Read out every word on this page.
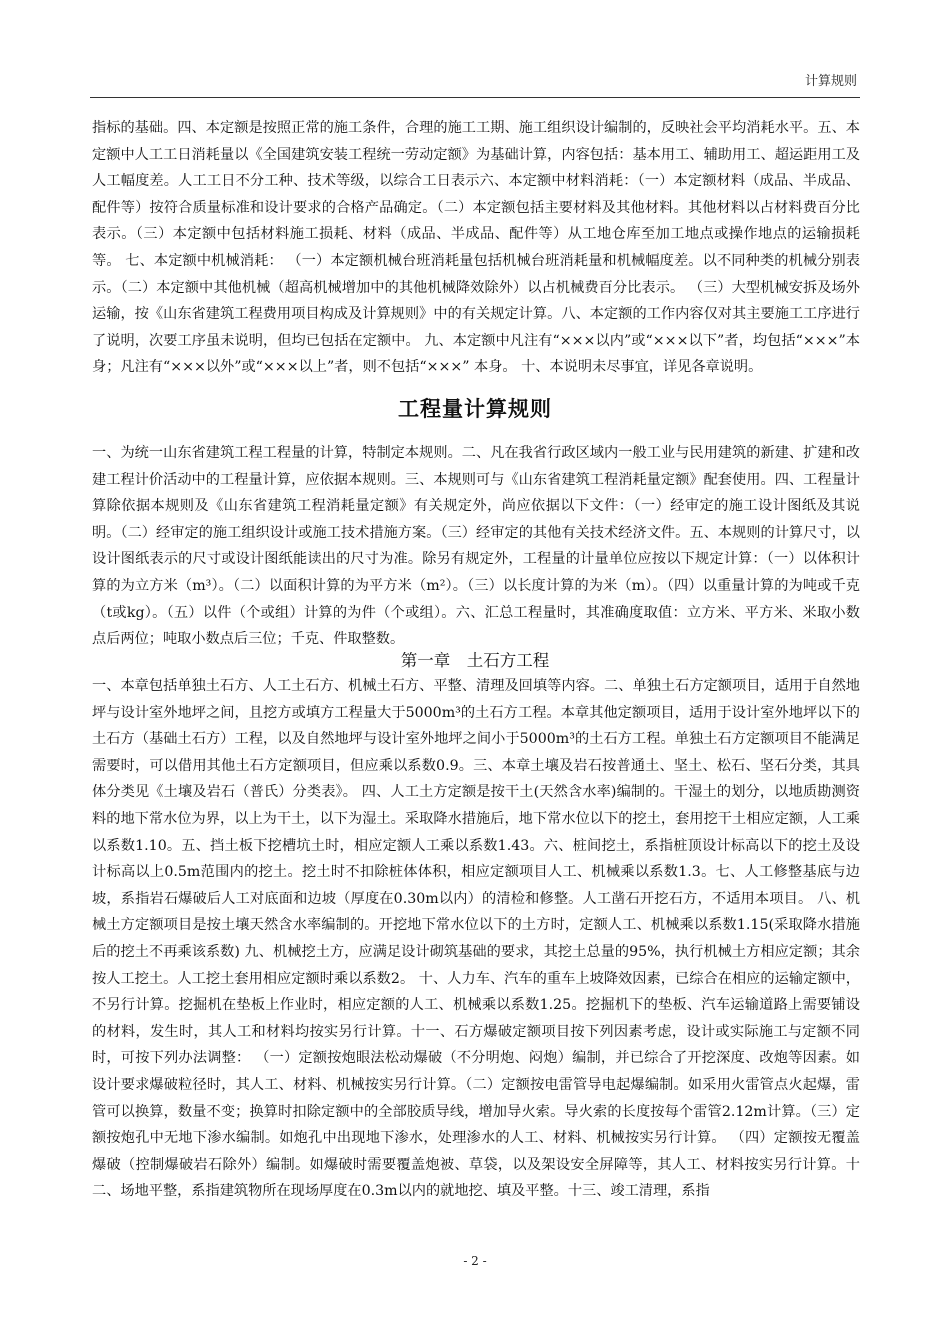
计算规则

指标的基础。四、本定额是按照正常的施工条件，合理的施工工期、施工组织设计编制的，反映社会平均消耗水平。五、本定额中人工工日消耗量以《全国建筑安装工程统一劳动定额》为基础计算，内容包括：基本用工、辅助用工、超运距用工及人工幅度差。人工工日不分工种、技术等级，以综合工日表示六、本定额中材料消耗：（一）本定额材料（成品、半成品、配件等）按符合质量标准和设计要求的合格产品确定。（二）本定额包括主要材料及其他材料。其他材料以占材料费百分比表示。（三）本定额中包括材料施工损耗、材料（成品、半成品、配件等）从工地仓库至加工地点或操作地点的运输损耗等。 七、本定额中机械消耗： （一）本定额机械台班消耗量包括机械台班消耗量和机械幅度差。以不同种类的机械分别表示。（二）本定额中其他机械（超高机械增加中的其他机械降效除外）以占机械费百分比表示。 （三）大型机械安拆及场外运输，按《山东省建筑工程费用项目构成及计算规则》中的有关规定计算。八、本定额的工作内容仅对其主要施工工序进行了说明，次要工序虽未说明，但均已包括在定额中。 九、本定额中凡注有“×××以内”或“×××以下”者，均包括“×××”本身；凡注有“×××以外”或“×××以上”者，则不包括“×××” 本身。 十、本说明未尽事宜，详见各章说明。

工程量计算规则

一、为统一山东省建筑工程工程量的计算，特制定本规则。二、凡在我省行政区域内一般工业与民用建筑的新建、扩建和改建工程计价活动中的工程量计算，应依据本规则。三、本规则可与《山东省建筑工程消耗量定额》配套使用。四、工程量计算除依据本规则及《山东省建筑工程消耗量定额》有关规定外，尚应依据以下文件：（一）经审定的施工设计图纸及其说明。（二）经审定的施工组织设计或施工技术措施方案。（三）经审定的其他有关技术经济文件。五、本规则的计算尺寸，以设计图纸表示的尺寸或设计图纸能读出的尺寸为准。除另有规定外，工程量的计量单位应按以下规定计算：（一）以体积计算的为立方米（m³）。（二）以面积计算的为平方米（m²）。（三）以长度计算的为米（m）。（四）以重量计算的为吨或千克（t或kg）。（五）以件（个或组）计算的为件（个或组）。六、汇总工程量时，其准确度取值：立方米、平方米、米取小数点后两位；吨取小数点后三位；千克、件取整数。

第一章　土石方工程

一、本章包括单独土石方、人工土石方、机械土石方、平整、清理及回填等内容。二、单独土石方定额项目，适用于自然地坪与设计室外地坪之间，且挖方或填方工程量大于5000m³的土石方工程。本章其他定额项目，适用于设计室外地坪以下的土石方（基础土石方）工程，以及自然地坪与设计室外地坪之间小于5000m³的土石方工程。单独土石方定额项目不能满足需要时，可以借用其他土石方定额项目，但应乘以系数0.9。三、本章土壤及岩石按普通土、坚土、松石、坚石分类，其具体分类见《土壤及岩石（普氏）分类表》。 四、人工土方定额是按干土(天然含水率)编制的。干湿土的划分，以地质勘测资料的地下常水位为界，以上为干土，以下为湿土。采取降水措施后，地下常水位以下的挖土，套用挖干土相应定额，人工乘以系数1.10。五、挡土板下挖槽坑土时，相应定额人工乘以系数1.43。六、桩间挖土，系指桩顶设计标高以下的挖土及设计标高以上0.5m范围内的挖土。挖土时不扣除桩体体积，相应定额项目人工、机械乘以系数1.3。七、人工修整基底与边坡，系指岩石爆破后人工对底面和边坡（厚度在0.30m以内）的清检和修整。人工凿石开挖石方，不适用本项目。 八、机械土方定额项目是按土壤天然含水率编制的。开挖地下常水位以下的土方时，定额人工、机械乘以系数1.15(采取降水措施后的挖土不再乘该系数) 九、机械挖土方，应满足设计砌筑基础的要求，其挖土总量的95%，执行机械土方相应定额；其余按人工挖土。人工挖土套用相应定额时乘以系数2。 十、人力车、汽车的重车上坡降效因素，已综合在相应的运输定额中，不另行计算。挖掘机在垫板上作业时，相应定额的人工、机械乘以系数1.25。挖掘机下的垫板、汽车运输道路上需要铺设的材料，发生时，其人工和材料均按实另行计算。十一、石方爆破定额项目按下列因素考虑，设计或实际施工与定额不同时，可按下列办法调整： （一）定额按炮眼法松动爆破（不分明炮、闷炮）编制，并已综合了开挖深度、改炮等因素。如设计要求爆破粒径时，其人工、材料、机械按实另行计算。（二）定额按电雷管导电起爆编制。如采用火雷管点火起爆，雷管可以换算，数量不变；换算时扣除定额中的全部胶质导线，增加导火索。导火索的长度按每个雷管2.12m计算。（三）定额按炮孔中无地下渗水编制。如炮孔中出现地下渗水，处理渗水的人工、材料、机械按实另行计算。 （四）定额按无覆盖爆破（控制爆破岩石除外）编制。如爆破时需要覆盖炮被、草袋，以及架设安全屏障等，其人工、材料按实另行计算。十二、场地平整，系指建筑物所在现场厚度在0.3m以内的就地挖、填及平整。十三、竣工清理，系指

- 2 -
